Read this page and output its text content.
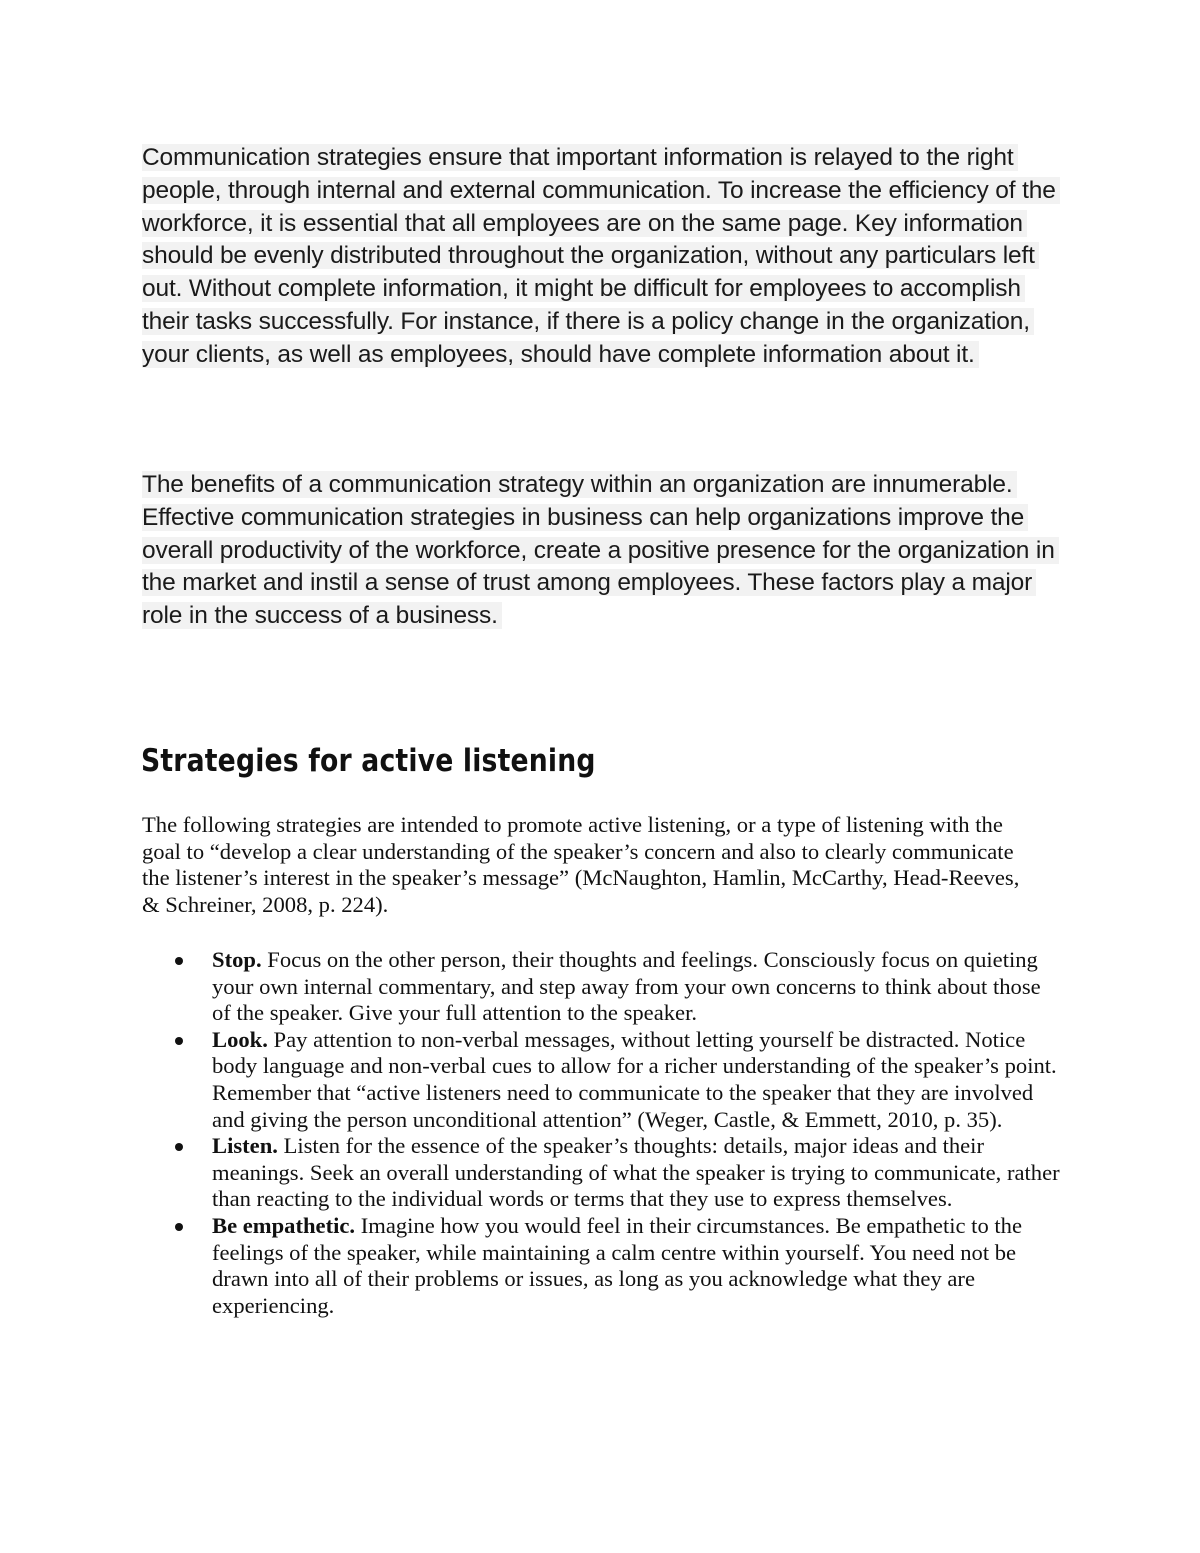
Communication strategies ensure that important information is relayed to the right people, through internal and external communication. To increase the efficiency of the workforce, it is essential that all employees are on the same page. Key information should be evenly distributed throughout the organization, without any particulars left out. Without complete information, it might be difficult for employees to accomplish their tasks successfully. For instance, if there is a policy change in the organization, your clients, as well as employees, should have complete information about it.

The benefits of a communication strategy within an organization are innumerable. Effective communication strategies in business can help organizations improve the overall productivity of the workforce, create a positive presence for the organization in the market and instil a sense of trust among employees. These factors play a major role in the success of a business.

Strategies for active listening

The following strategies are intended to promote active listening, or a type of listening with the goal to “develop a clear understanding of the speaker’s concern and also to clearly communicate the listener’s interest in the speaker’s message” (McNaughton, Hamlin, McCarthy, Head-Reeves, & Schreiner, 2008, p. 224).

Stop. Focus on the other person, their thoughts and feelings. Consciously focus on quieting your own internal commentary, and step away from your own concerns to think about those of the speaker. Give your full attention to the speaker.
Look. Pay attention to non-verbal messages, without letting yourself be distracted. Notice body language and non-verbal cues to allow for a richer understanding of the speaker’s point. Remember that “active listeners need to communicate to the speaker that they are involved and giving the person unconditional attention” (Weger, Castle, & Emmett, 2010, p. 35).
Listen. Listen for the essence of the speaker’s thoughts: details, major ideas and their meanings. Seek an overall understanding of what the speaker is trying to communicate, rather than reacting to the individual words or terms that they use to express themselves.
Be empathetic. Imagine how you would feel in their circumstances. Be empathetic to the feelings of the speaker, while maintaining a calm centre within yourself. You need not be drawn into all of their problems or issues, as long as you acknowledge what they are experiencing.
